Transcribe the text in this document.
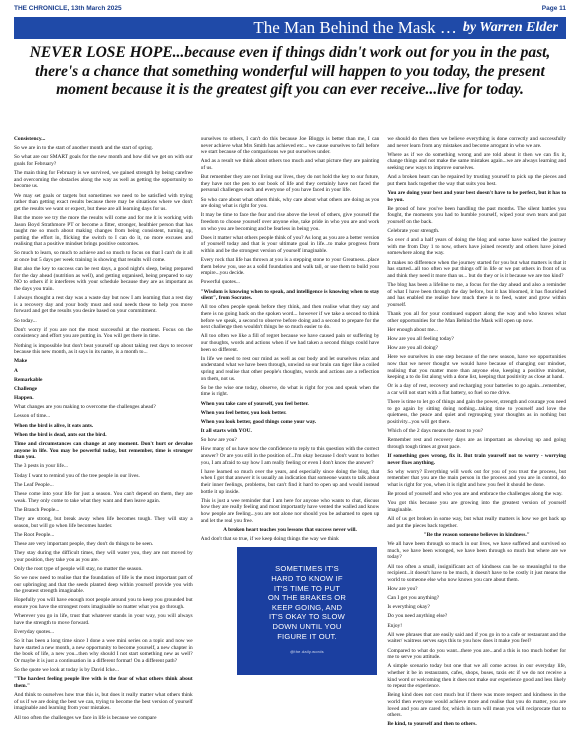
THE CHRONICLE, 13th March 2025	Page 11
The Man Behind the Mask … by Warren Elder
NEVER LOSE HOPE...because even if things didn't work out for you in the past, there's a chance that something wonderful will happen to you today, the present moment because it is the greatest gift you can ever receive...live for today.

Consistency...

So we are in to the start of another month and the start of spring.

So what are our SMART goals for the new month and how did we get on with our goals for February?

The main thing for February is we survived, we gained strength by being carefree and overcoming the obstacles along the way as well as getting the opportunity to become us.

We may set goals or targets but sometimes we need to be satisfied with trying rather than getting exact results because there may be situations where we don't get the results we want or expect, but these are all learning days for us.

But the more we try the more the results will come and for me it is working with Jason Boyd Strathmore PT or become a fitter, stronger, healthier person that has taught me so much about making changes from being consistent, turning up, putting the effort in, flicking the switch to I can do it, no more excuses and realising that a positive mindset brings positive outcomes.

So much to learn, so much to achieve and so much to focus on that I can't do it all at once but 5 days per week training is showing that results will come.

But also the key to success can be rest days, a good night's sleep, being prepared for the day ahead (nutrition as well), and getting organised, being prepared to say NO to others if it interferes with your schedule because they are as important as the days you train.

I always thought a rest day was a waste day but now I am learning that a rest day is a recovery day and your body must and soul needs these to help you move forward and get the results you desire based on your commitment.

So today...

Don't worry if you are not the most successful at the moment. Focus on the consistency and effort you are putting in. You will get there in time.

Nothing is impossible but don't beat yourself up about taking rest days to recover because this new month, as it says in its name, is a month to...

Make

A

Remarkable

Challenge

Happen.

What changes are you making to overcome the challenges ahead?

Lesson of time...

When the bird is alive, it eats ants.

When the bird is dead, ants eat the bird.

Time and circumstances can change at any moment. Don't hurt or devalue anyone in life. You may be powerful today, but remember, time is stronger than you.

The 3 pests in your life...

Today I want to remind you of the tree people in our lives.

The Leaf People...

These come into your life for just a season. You can't depend on them, they are weak. They only come to take what they want and then leave again.

The Branch People...

They are strong, but break away when life becomes tough. They will stay a season, but will go when life becomes harder.

The Root People...

These are very important people, they don't do things to be seen.

They stay during the difficult times, they will water you, they are not moved by your position, they take you as you are.

Only the root type of people will stay, no matter the season.

So we now need to realise that the foundation of life is the most important part of our upbringing and that the seeds planted deep within yourself provide you with the greatest strength imaginable.

Hopefully you will have enough root people around you to keep you grounded but ensure you have the strongest roots imaginable no matter what you go through.

Wherever you go in life, trust that whatever stands in your way, you will always have the strength to move forward.

Everyday quotes...

So it has been a long time since I done a wee mini series on a topic and now we have started a new month, a new opportunity to become yourself, a new chapter in the book of life, a new you...then why should I not start something new as well? Or maybe it is just a continuation in a different format! On a different path?

So the quote we look at today is by David Icke...

"The hardest feeling people live with is the fear of what others think about them."

And think to ourselves how true this is, but does it really matter what others think of us if we are doing the best we can, trying to become the best version of yourself imaginable and learning from your mistakes.

All too often the challenges we face in life is because we compare

ourselves to others, I can't do this because Joe Bloggs is better than me, I can never achieve what Mrs Smith has achieved etc... we cause ourselves to fall before we start because of the comparisons we put ourselves under.

And as a result we think about others too much and what picture they are painting of us.

But remember they are not living our lives, they do not hold the key to our future, they have not the pen to our book of life and they certainly have not faced the personal challenges each and everyone of you have faced in your life.

So who care about what others think, why care about what others are doing as you are doing what is right for you.

It may be time to face the fear and rise above the level of others, give yourself the freedom to choose yourself over anyone else, take pride in who you are and work on who you are becoming and be fearless in being you.

Does it matter what others people think of you? As long as you are a better version of yourself today and that is your ultimate goal in life...to make progress from within and be the strongest version of yourself imaginable.

Every rock that life has thrown at you is a stepping stone to your Greatness...place them below you, use as a solid foundation and walk tall, or use them to build your empire...you decide.

Powerful quotes...

"Wisdom is knowing when to speak, and intelligence is knowing when to stay silent", from Socrates.

All too often people speak before they think, and then realise what they say and there is no going back on the spoken word... however if we take a second to think before we speak, a second to observe before doing and a second to prepare for the next challenge then wouldn't things be so much easier to do.

All too often we like a fill of regret because we have caused pain or suffering by our thoughts, words and actions when if we had taken a second things could have been so different.

In life we need to rest our mind as well as our body and let ourselves relax and understand what we have been through, unwind so our brain can tiger like a coiled spring and realise that other people's thoughts, words and actions are a reflection on them, not us.

So be the wise one today, observe, do what is right for you and speak when the time is right.

When you take care of yourself, you feel better.

When you feel better, you look better.

When you look better, good things come your way.

It all starts with YOU.

So how are you?

How many of us have now the confidence to reply to this question with the correct answer? Or are you still in the position of...I'm okay because I don't want to bother you, I am afraid to say how I am really feeling or even I don't know the answer?

I have learned so much over the years, and especially since doing the blog, that when I got that answer it is usually an indication that someone wants to talk about their inner feelings, problems, but can't find it hard to open up and would instead bottle it up inside.

This is just a wee reminder that I am here for anyone who wants to chat, discuss how they are really feeling and most importantly have vented the walled and know how people are feeling...you are not alone nor should you be ashamed to open up and let the real you free.

A broken heart teaches you lessons that success never will.

And don't that so true, if we keep doing things the way we think

SOMETIMES IT'S
HARD TO KNOW IF
IT'S TIME TO PUT
ON THE BRAKES OR
KEEP GOING, AND
IT'S OKAY TO SLOW
DOWN UNTIL YOU
FIGURE IT OUT.
@the.daily.words

we should do then then we believe everything is done correctly and successfully and never learn from any mistakes and become arrogant in who we are.

Where as if we do something wrong and are told about it then we can fix it, change things and not make the same mistakes again...we are always learning and seeking new ways to improve ourselves.

And a broken heart can be repaired by trusting yourself to pick up the pieces and put them back together the way that suits you best.

You are doing your best and your best doesn't have to be perfect, but it has to be you.

Be proud of how you've been handling the past months. The silent battles you fought, the moments you had to humble yourself, wiped your own tears and pat yourself on the back.

Celebrate your strength.

So over 4 and a half years of doing the blog and some have walked the journey with me from Day 1 to now, others have joined recently and others have joined somewhere along the way.

It makes no difference when the journey started for you but what matters is that it has started...all too often we put things off in life or we put others in front of us and think they need it more than us... but do they or is it because we are too kind?

The blog has been a lifeline to me, a focus for the day ahead and also a reminder of what I have been through the day before, but it has bloomed, it has flourished and has enabled me realise how much there is to feed, water and grow within yourself.

Thank you all for your continued support along the way and who knows what other opportunities for the Man Behind the Mask will open up now.

Her enough about me...

How are you all feeling today?

How are you all doing?

Here we ourselves in one step because of the new season, have we opportunities now that we never thought we would have because of changing our mindset, realising that you matter more than anyone else, keeping a positive mindset, keeping a to do list along with a done list, keeping that positivity as close at hand.

Or is a day of rest, recovery and recharging your batteries to go again...remember, a car will not start with a flat battery, so fuel so me drive.

There is time to let go of things and gain the power, strength and courage you need to go again by sitting doing nothing...taking time to yourself and love the quietness, the peace and quiet and regrouping your thoughts as in nothing but positivity...you will get there.

Which of the 2 days means the most to you?

Remember rest and recovery days are as important as showing up and going through tough times at great pace.

If something goes wrong, fix it. But train yourself not to worry - worrying never fixes anything.

So why worry? Everything will work out for you of you trust the process, but remember that you are the main person in the process and you are in control, do what is right for you, when it is right and how you feel it should be done.

Be proud of yourself and who you are and embrace the challenges along the way.

You got this because you are growing into the greatest version of yourself imaginable.

All of us get broken in some way, but what really matters is how we get back up and put the pieces back together.

"Be the reason someone believes in kindness."

We all have been through so much in our lives, we have suffered and survived so much, we have been wronged, we have been through so much but where are we today?

All too often a small, insignificant act of kindness can be so meaningful to the recipient...it doesn't have to be much, it doesn't have to be costly it just means the world to someone else who now knows you care about them.

How are you?

Can I get you anything?

Is everything okay?

Do you need anything else?

Enjoy!

All wee phrases that are easily said and if you go in to a cafe or restaurant and the waiter/ waitress serves says this to you how does it make you feel?

Compared to what do you want...there you are...and a this is too much bother for me to serve you attitude.

A simple scenario today but one that we all come across in our everyday life, whether it be in restaurants, cafes, shops, buses, taxis etc if we do not receive a kind word or welcoming then it does not make our experience good and less likely to repeat the experience.

Being kind does not cost much but if there was more respect and kindness in the world then everyone would achieve more and realise that you do matter, you are loved and you are cared for, which in turn will mean you will reciprocate that to others.

Be kind, to yourself and then to others.
